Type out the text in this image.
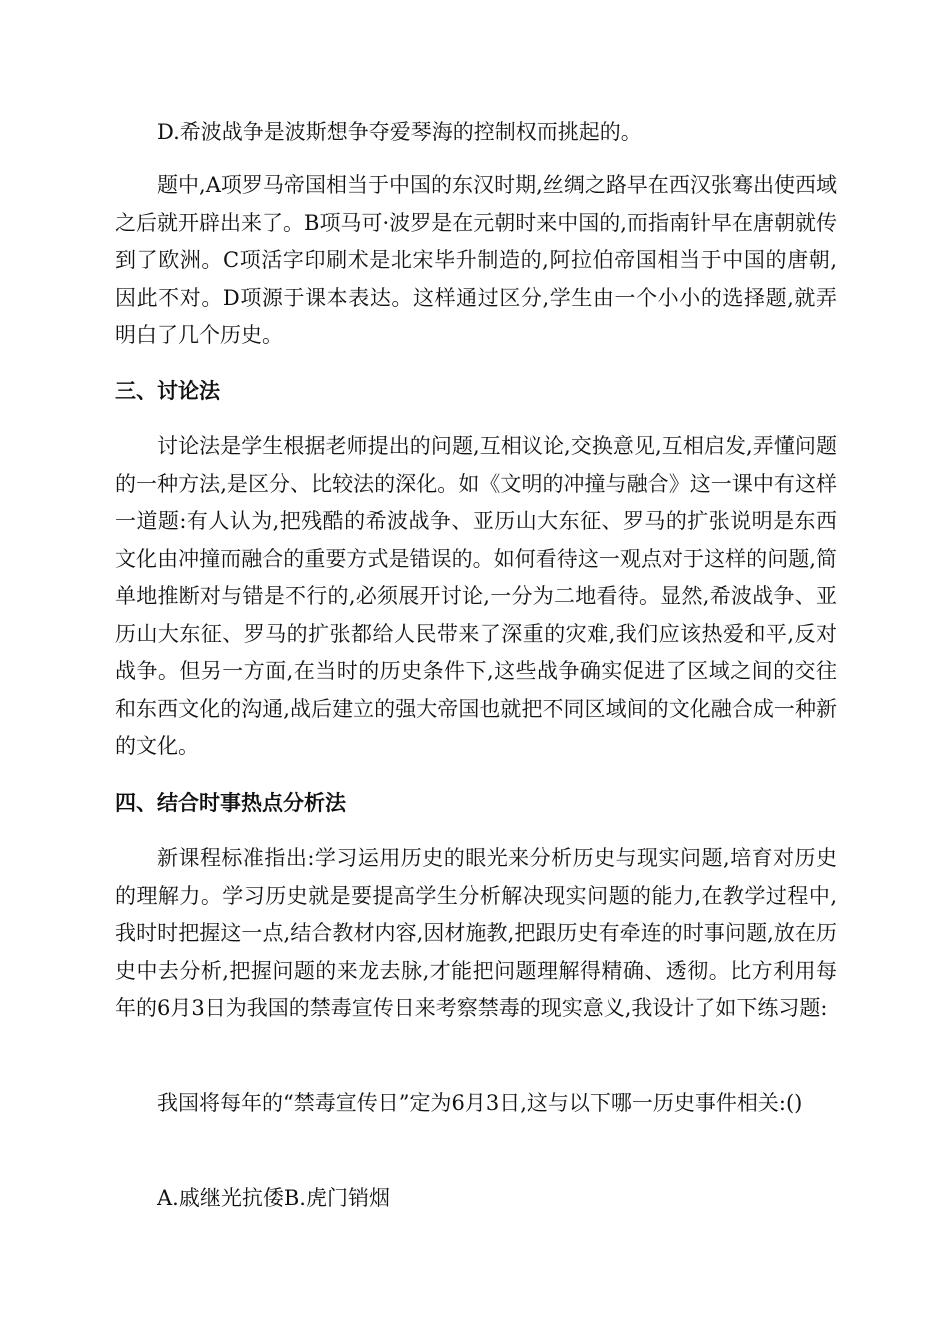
D.希波战争是波斯想争夺爱琴海的控制权而挑起的。

题中,A项罗马帝国相当于中国的东汉时期,丝绸之路早在西汉张骞出使西域之后就开辟出来了。B项马可·波罗是在元朝时来中国的,而指南针早在唐朝就传到了欧洲。C项活字印刷术是北宋毕升制造的,阿拉伯帝国相当于中国的唐朝,因此不对。D项源于课本表达。这样通过区分,学生由一个小小的选择题,就弄明白了几个历史。

三、讨论法

讨论法是学生根据老师提出的问题,互相议论,交换意见,互相启发,弄懂问题的一种方法,是区分、比较法的深化。如《文明的冲撞与融合》这一课中有这样一道题:有人认为,把残酷的希波战争、亚历山大东征、罗马的扩张说明是东西文化由冲撞而融合的重要方式是错误的。如何看待这一观点对于这样的问题,简单地推断对与错是不行的,必须展开讨论,一分为二地看待。显然,希波战争、亚历山大东征、罗马的扩张都给人民带来了深重的灾难,我们应该热爱和平,反对战争。但另一方面,在当时的历史条件下,这些战争确实促进了区域之间的交往和东西文化的沟通,战后建立的强大帝国也就把不同区域间的文化融合成一种新的文化。

四、结合时事热点分析法

新课程标准指出:学习运用历史的眼光来分析历史与现实问题,培育对历史的理解力。学习历史就是要提高学生分析解决现实问题的能力,在教学过程中,我时时把握这一点,结合教材内容,因材施教,把跟历史有牵连的时事问题,放在历史中去分析,把握问题的来龙去脉,才能把问题理解得精确、透彻。比方利用每年的6月3日为我国的禁毒宣传日来考察禁毒的现实意义,我设计了如下练习题:

我国将每年的“禁毒宣传日”定为6月3日,这与以下哪一历史事件相关:()

A.戚继光抗倭B.虎门销烟
